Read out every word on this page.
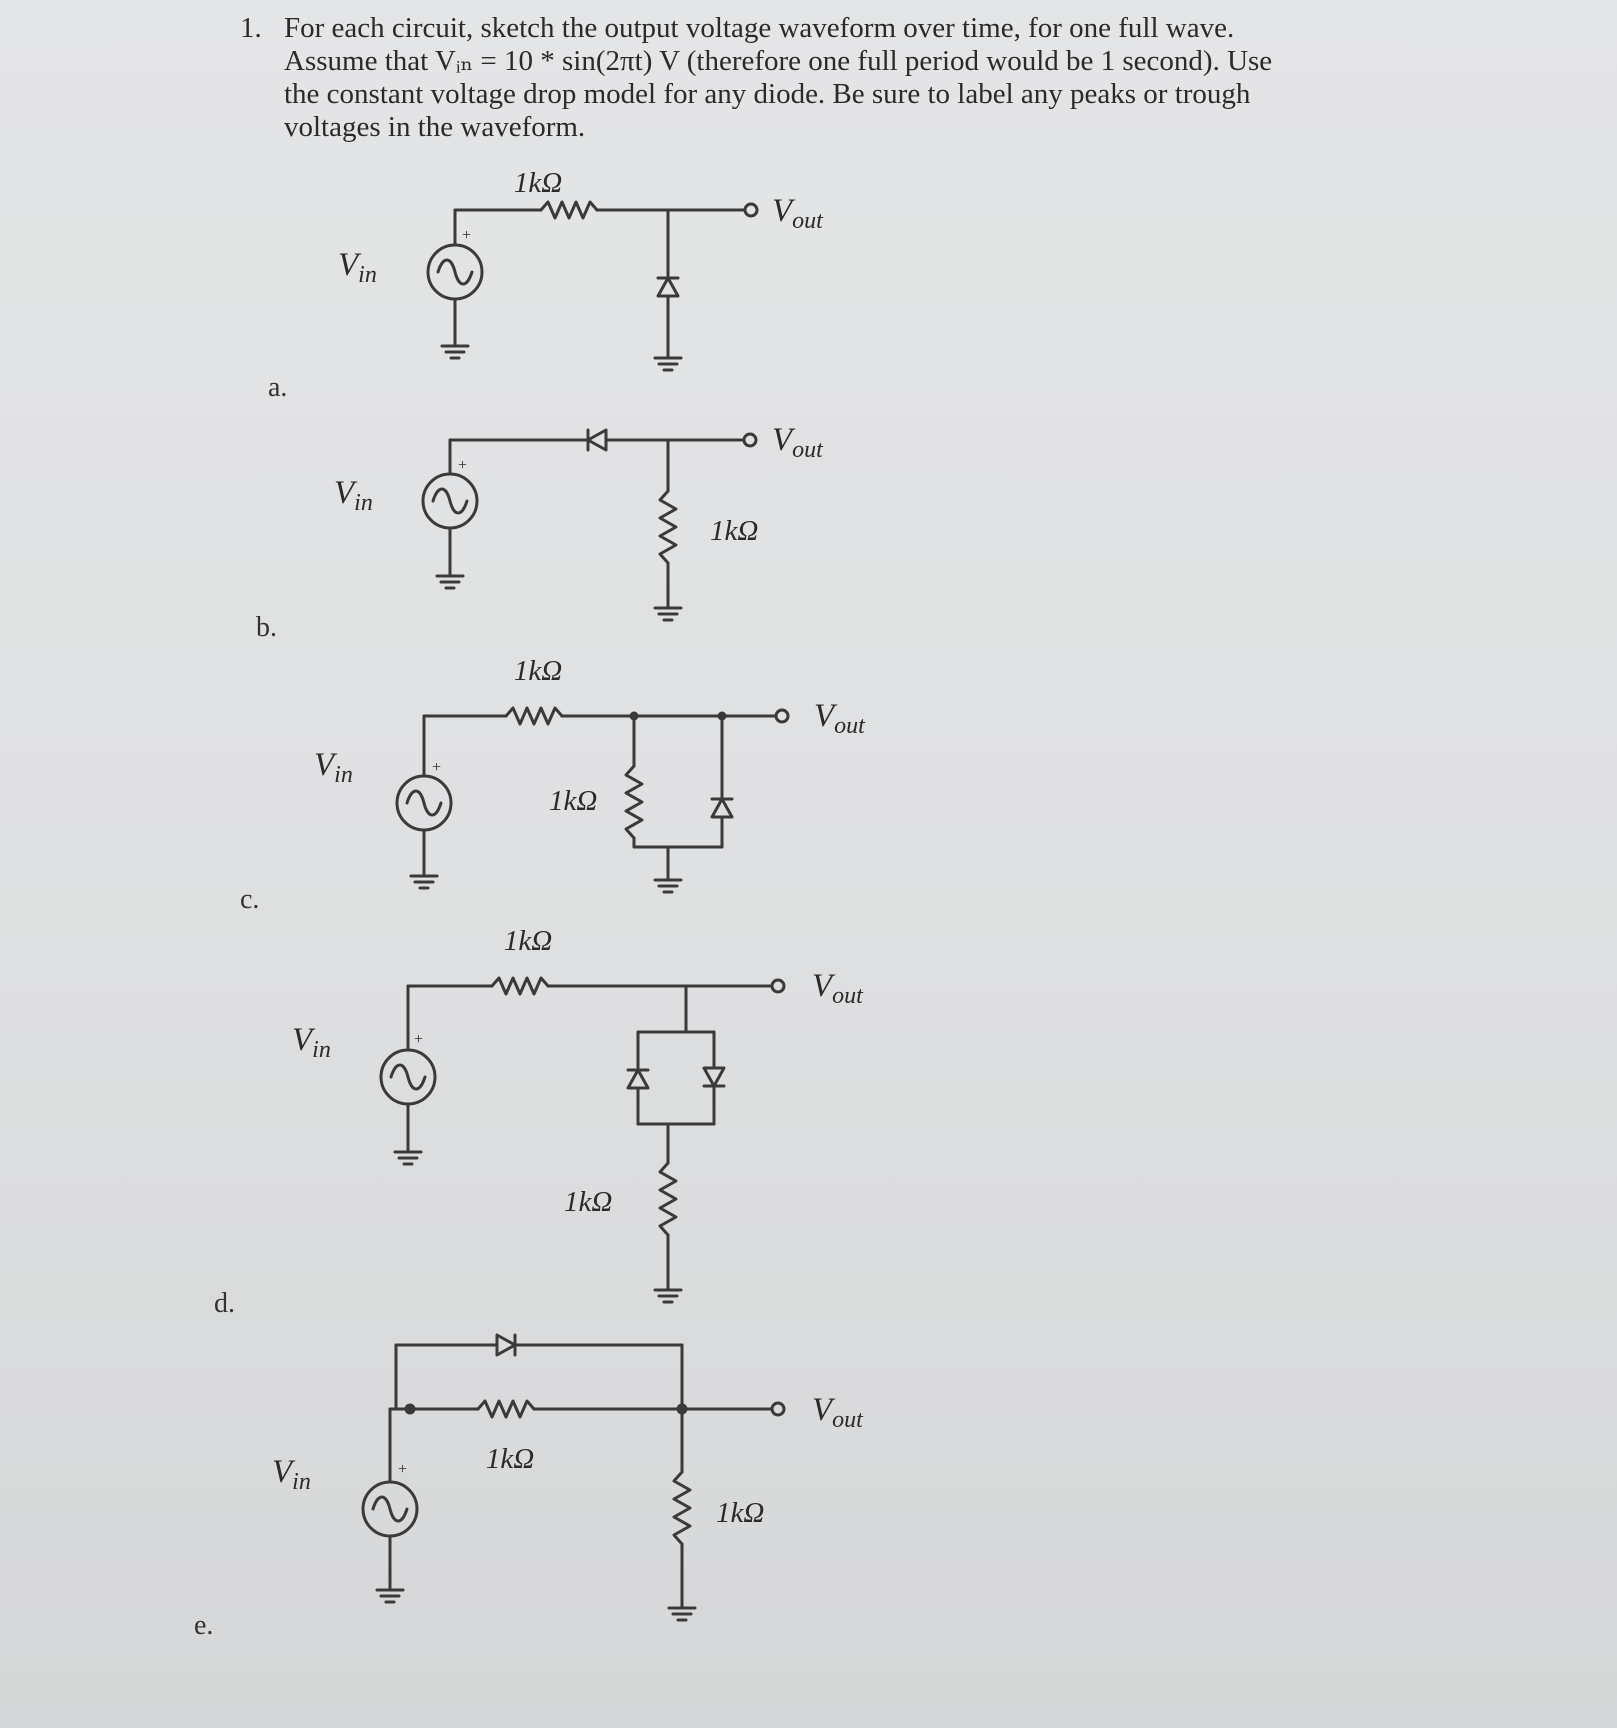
1. For each circuit, sketch the output voltage waveform over time, for one full wave.
Assume that Vᵢₙ = 10 * sin(2πt) V (therefore one full period would be 1 second). Use
the constant voltage drop model for any diode. Be sure to label any peaks or trough
voltages in the waveform.
a.
b.
c.
d.
e.
1kΩ
$V_{in}$
$V_{out}$
+
1kΩ
$V_{in}$
$V_{out}$
+
1kΩ
1kΩ
$V_{in}$
$V_{out}$
+
1kΩ
1kΩ
$V_{in}$
$V_{out}$
+
1kΩ
1kΩ
$V_{in}$
$V_{out}$
+
